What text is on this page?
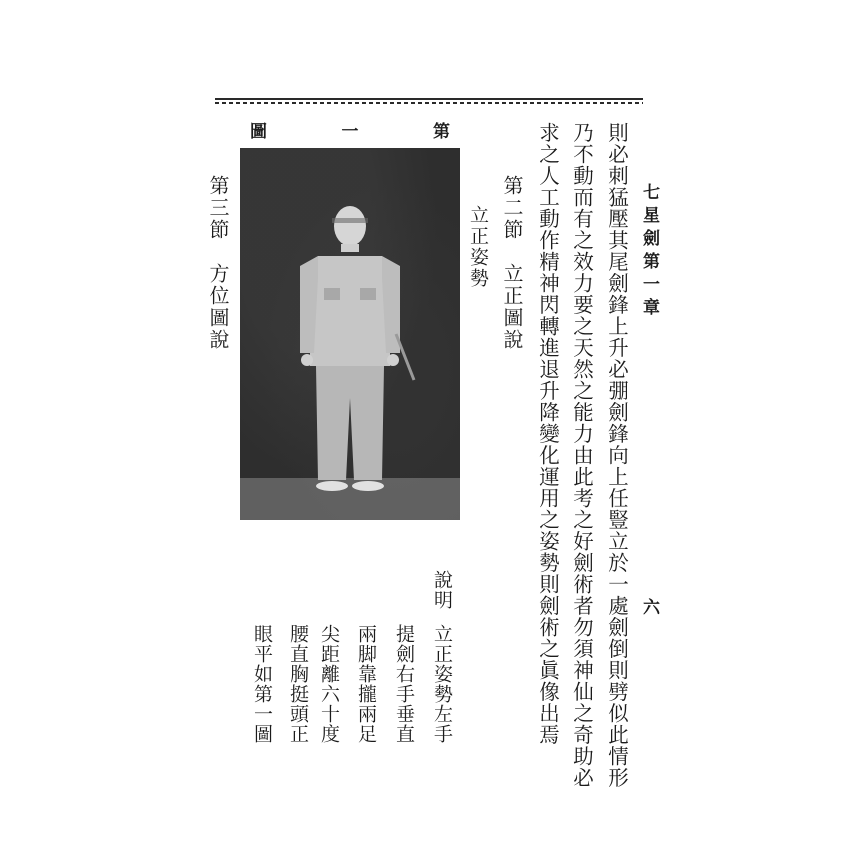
七星劍第一章
六
則必刺猛壓其尾劍鋒上升必弸劍鋒向上任豎立於一處劍倒則劈似此情形
乃不動而有之效力要之天然之能力由此考之好劍術者勿須神仙之奇助必
求之人工動作精神閃轉進退升降變化運用之姿勢則劍術之眞像出焉
第二節　立正圖說
立正姿勢
說明
立正姿勢左手
提劍右手垂直
兩脚靠攏兩足
尖距離六十度
腰直胸挺頭正
眼平如第一圖
圖	一	第
第三節　方位圖說
